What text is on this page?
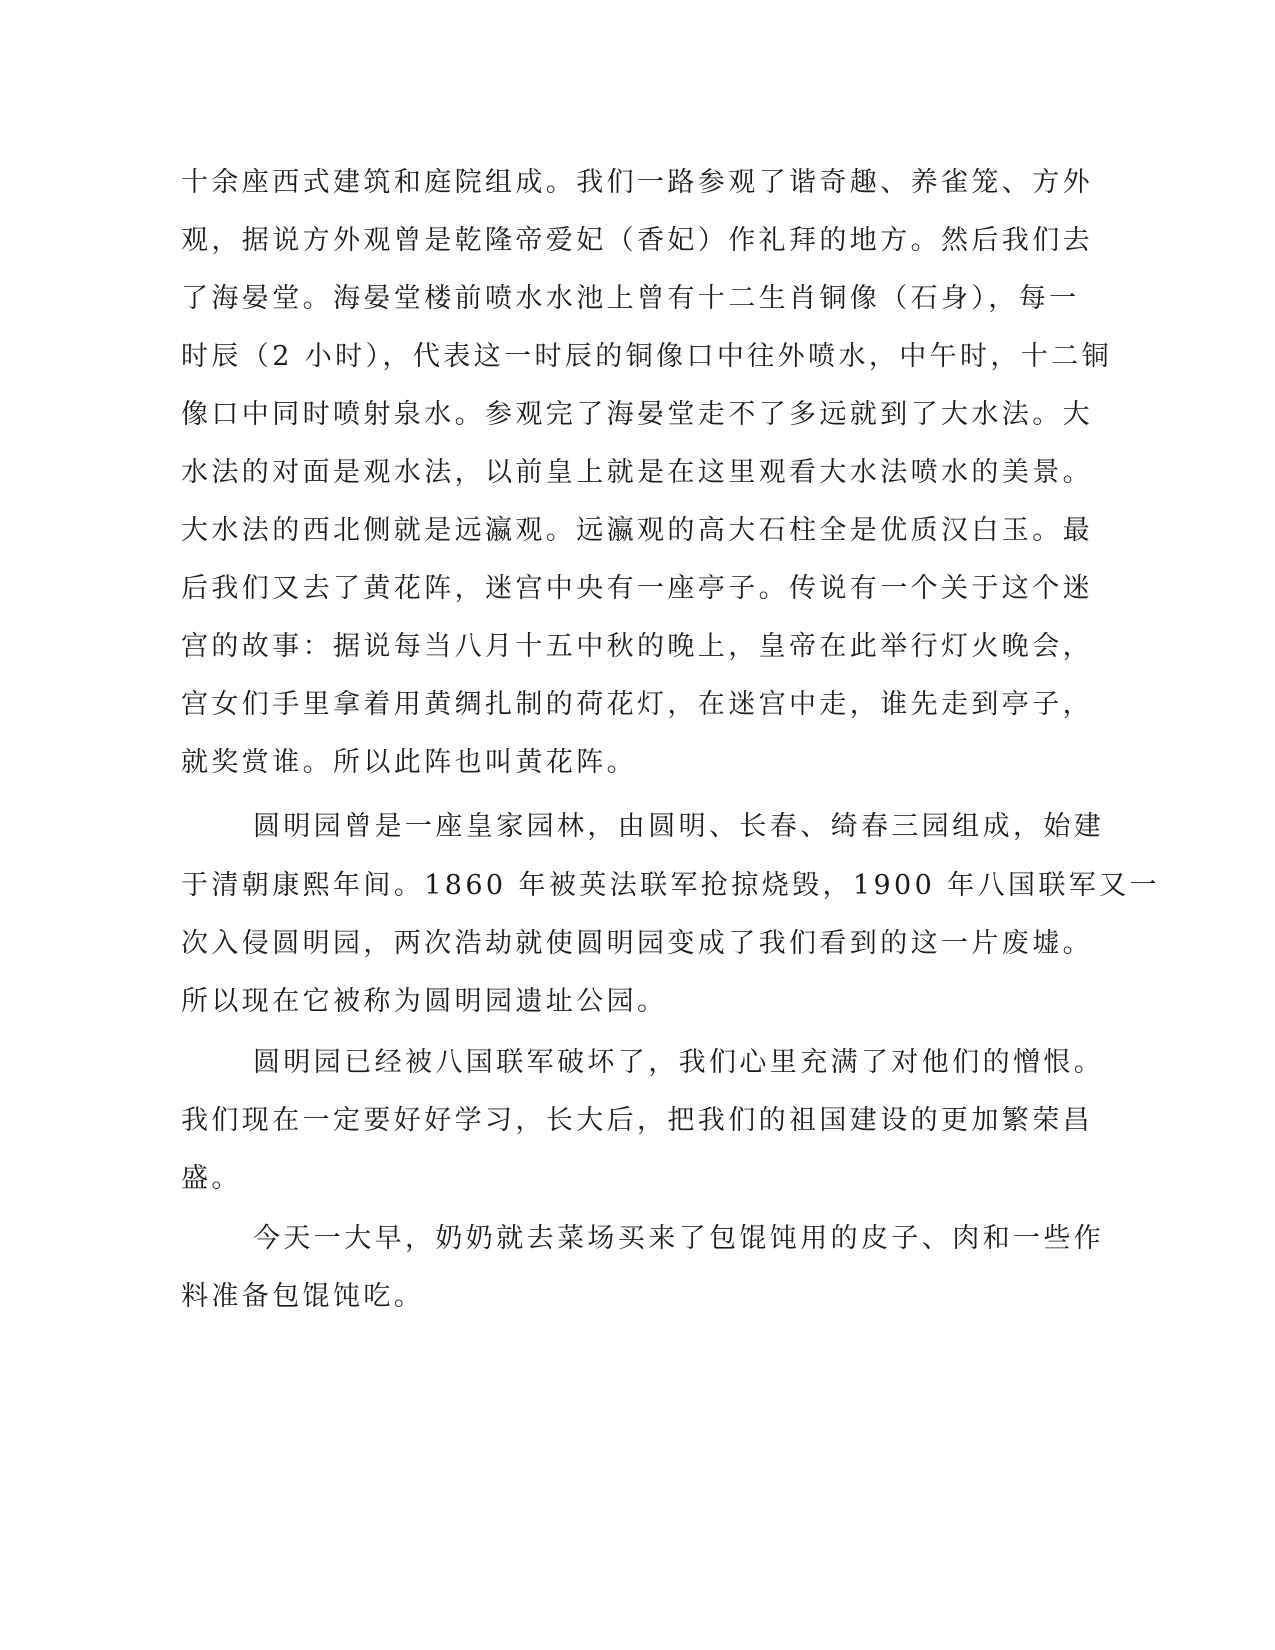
十余座西式建筑和庭院组成。我们一路参观了谐奇趣、养雀笼、方外
观，据说方外观曾是乾隆帝爱妃（香妃）作礼拜的地方。然后我们去
了海晏堂。海晏堂楼前喷水水池上曾有十二生肖铜像（石身），每一
时辰（2 小时），代表这一时辰的铜像口中往外喷水，中午时，十二铜
像口中同时喷射泉水。参观完了海晏堂走不了多远就到了大水法。大
水法的对面是观水法，以前皇上就是在这里观看大水法喷水的美景。
大水法的西北侧就是远瀛观。远瀛观的高大石柱全是优质汉白玉。最
后我们又去了黄花阵，迷宫中央有一座亭子。传说有一个关于这个迷
宫的故事：据说每当八月十五中秋的晚上，皇帝在此举行灯火晚会，
宫女们手里拿着用黄绸扎制的荷花灯，在迷宫中走，谁先走到亭子，
就奖赏谁。所以此阵也叫黄花阵。
圆明园曾是一座皇家园林，由圆明、长春、绮春三园组成，始建
于清朝康熙年间。1860 年被英法联军抢掠烧毁，1900 年八国联军又一
次入侵圆明园，两次浩劫就使圆明园变成了我们看到的这一片废墟。
所以现在它被称为圆明园遗址公园。
圆明园已经被八国联军破坏了，我们心里充满了对他们的憎恨。
我们现在一定要好好学习，长大后，把我们的祖国建设的更加繁荣昌
盛。
今天一大早，奶奶就去菜场买来了包馄饨用的皮子、肉和一些作
料准备包馄饨吃。
